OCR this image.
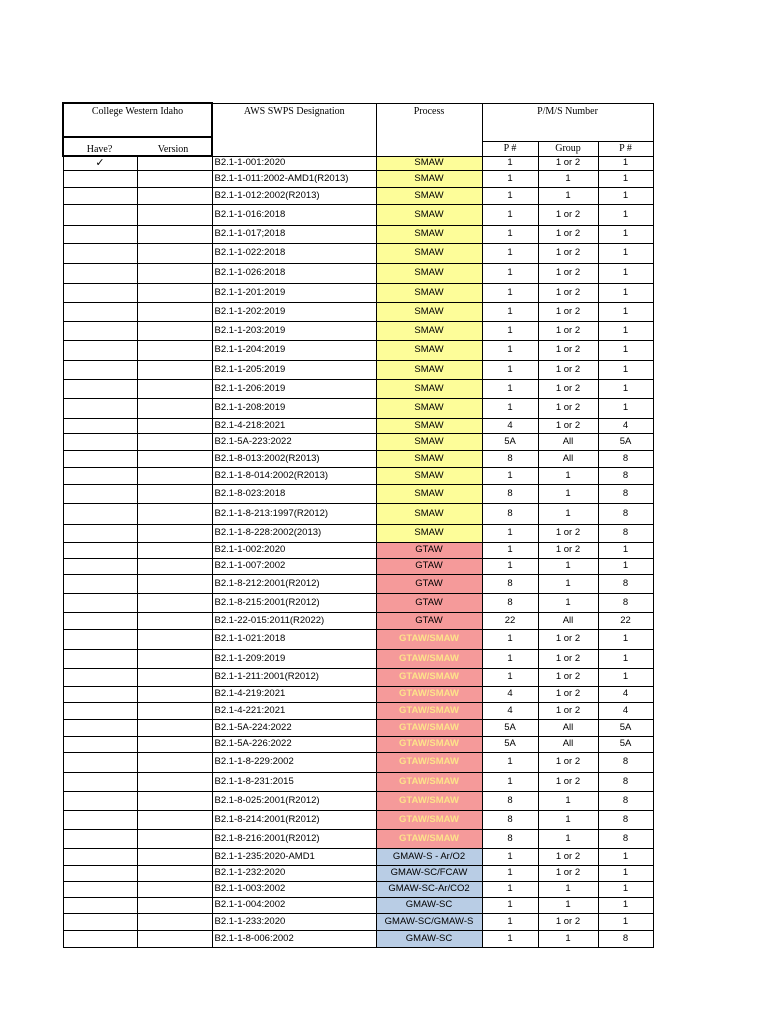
College Western Idaho		AWS SWPS Designation	Process	P/M/S Number		

Have? Version						

				P #	Group	P #
✓		B2.1-1-001:2020	SMAW	1	1 or 2	1
		B2.1-1-011:2002-AMD1(R2013)	SMAW	1	1	1
		B2.1-1-012:2002(R2013)	SMAW	1	1	1
		B2.1-1-016:2018	SMAW	1	1 or 2	1
		B2.1-1-017;2018	SMAW	1	1 or 2	1
		B2.1-1-022:2018	SMAW	1	1 or 2	1
		B2.1-1-026:2018	SMAW	1	1 or 2	1
		B2.1-1-201:2019	SMAW	1	1 or 2	1
		B2.1-1-202:2019	SMAW	1	1 or 2	1
		B2.1-1-203:2019	SMAW	1	1 or 2	1
		B2.1-1-204:2019	SMAW	1	1 or 2	1
		B2.1-1-205:2019	SMAW	1	1 or 2	1
		B2.1-1-206:2019	SMAW	1	1 or 2	1
		B2.1-1-208:2019	SMAW	1	1 or 2	1
		B2.1-4-218:2021	SMAW	4	1 or 2	4
		B2.1-5A-223:2022	SMAW	5A	All	5A
		B2.1-8-013:2002(R2013)	SMAW	8	All	8
		B2.1-1-8-014:2002(R2013)	SMAW	1	1	8
		B2.1-8-023:2018	SMAW	8	1	8
		B2.1-1-8-213:1997(R2012)	SMAW	8	1	8
		B2.1-1-8-228:2002(2013)	SMAW	1	1 or 2	8
		B2.1-1-002:2020	GTAW	1	1 or 2	1
		B2.1-1-007:2002	GTAW	1	1	1
		B2.1-8-212:2001(R2012)	GTAW	8	1	8
		B2.1-8-215:2001(R2012)	GTAW	8	1	8
		B2.1-22-015:2011(R2022)	GTAW	22	All	22
		B2.1-1-021:2018	GTAW/SMAW	1	1 or 2	1
		B2.1-1-209:2019	GTAW/SMAW	1	1 or 2	1
		B2.1-1-211:2001(R2012)	GTAW/SMAW	1	1 or 2	1
		B2.1-4-219:2021	GTAW/SMAW	4	1 or 2	4
		B2.1-4-221:2021	GTAW/SMAW	4	1 or 2	4
		B2.1-5A-224:2022	GTAW/SMAW	5A	All	5A
		B2.1-5A-226:2022	GTAW/SMAW	5A	All	5A
		B2.1-1-8-229:2002	GTAW/SMAW	1	1 or 2	8
		B2.1-1-8-231:2015	GTAW/SMAW	1	1 or 2	8
		B2.1-8-025:2001(R2012)	GTAW/SMAW	8	1	8
		B2.1-8-214:2001(R2012)	GTAW/SMAW	8	1	8
		B2.1-8-216:2001(R2012)	GTAW/SMAW	8	1	8
		B2.1-1-235:2020-AMD1	GMAW-S - Ar/O2	1	1 or 2	1
		B2.1-1-232:2020	GMAW-SC/FCAW	1	1 or 2	1
		B2.1-1-003:2002	GMAW-SC-Ar/CO2	1	1	1
		B2.1-1-004:2002	GMAW-SC	1	1	1
		B2.1-1-233:2020	GMAW-SC/GMAW-S	1	1 or 2	1
		B2.1-1-8-006:2002	GMAW-SC	1	1	8
